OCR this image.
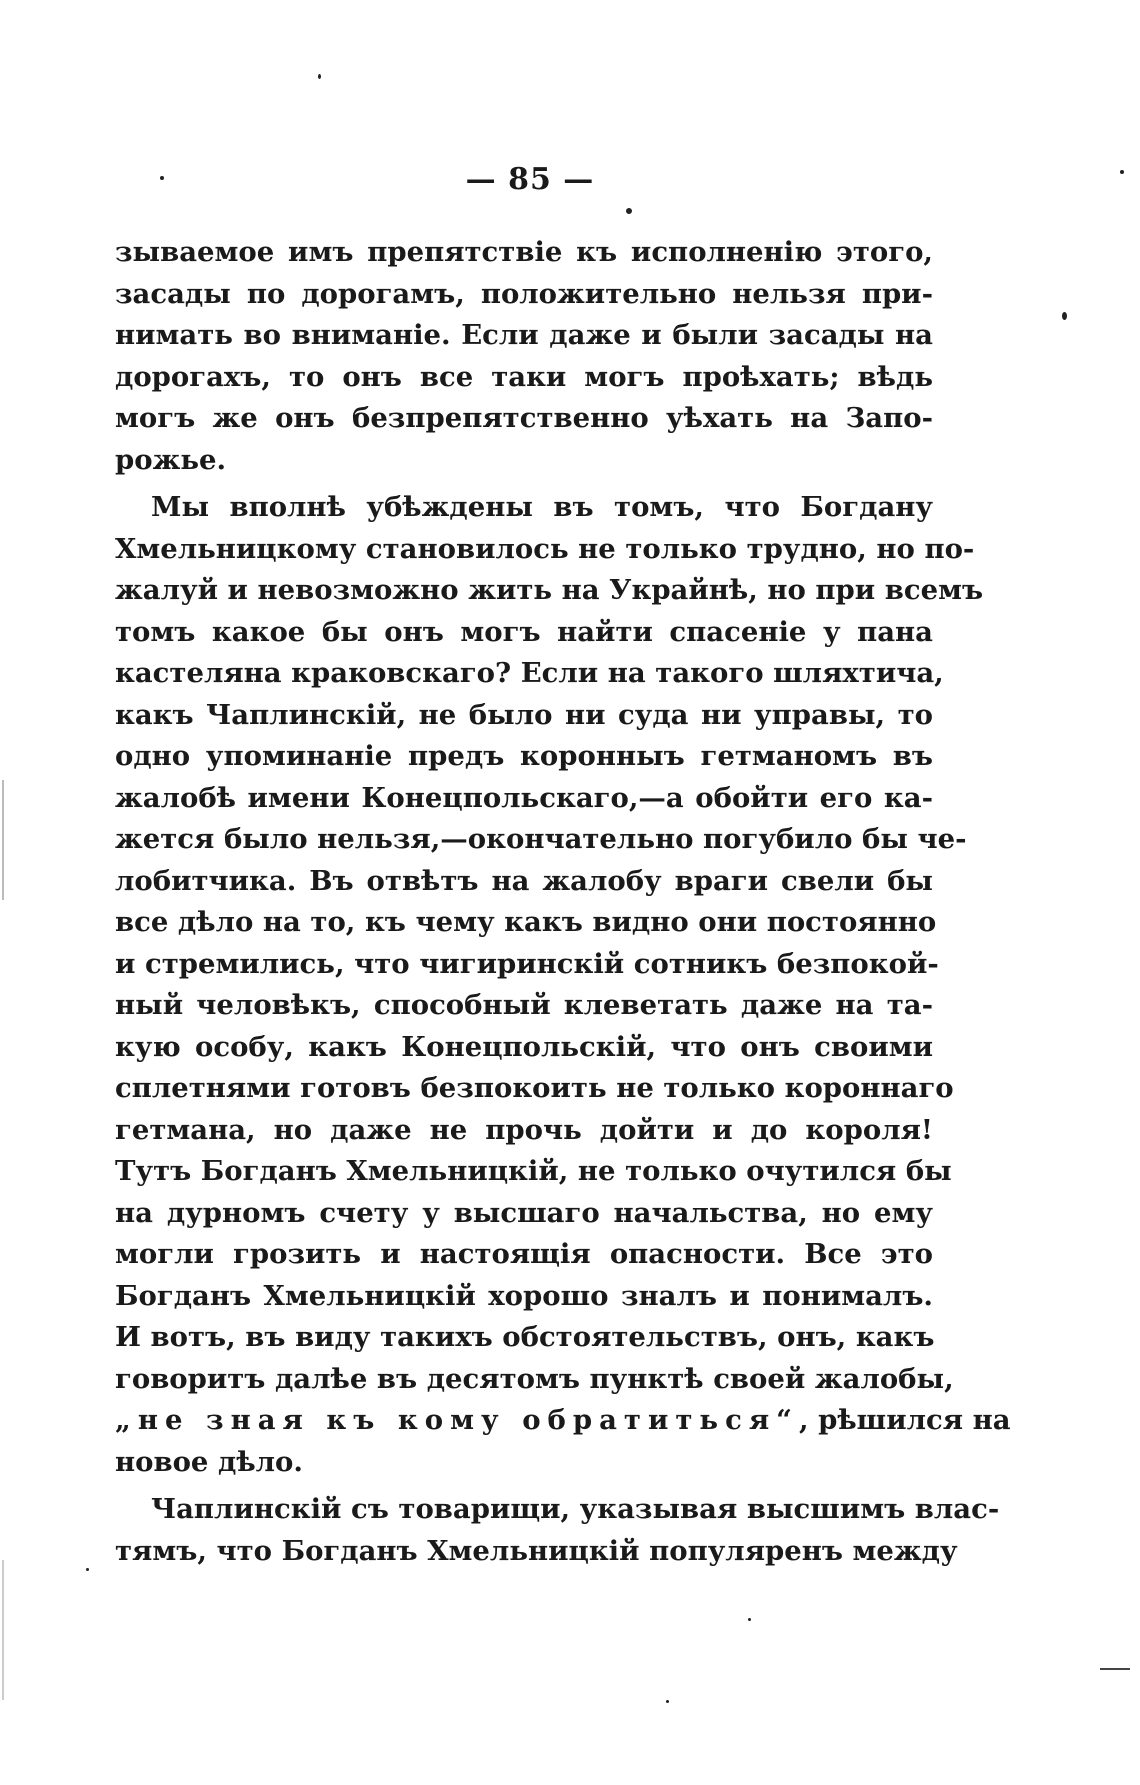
— 85 —
зываемое имъ препятствіе къ исполненію этого,
засады по дорогамъ, положительно нельзя при-
нимать во вниманіе. Если даже и были засады на
дорогахъ, то онъ все таки могъ проѣхать; вѣдь
могъ же онъ безпрепятственно уѣхать на Запо-
рожье.
Мы вполнѣ убѣждены въ томъ, что Богдану
Хмельницкому становилось не только трудно, но по-
жалуй и невозможно жить на Украйнѣ, но при всемъ
томъ какое бы онъ могъ найти спасеніе у пана
кастеляна краковскаго? Если на такого шляхтича,
какъ Чаплинскій, не было ни суда ни управы, то
одно упоминаніе предъ коронныъ гетманомъ въ
жалобѣ имени Конецпольскаго,—а обойти его ка-
жется было нельзя,—окончательно погубило бы че-
лобитчика. Въ отвѣтъ на жалобу враги свели бы
все дѣло на то, къ чему какъ видно они постоянно
и стремились, что чигиринскій сотникъ безпокой-
ный человѣкъ, способный клеветать даже на та-
кую особу, какъ Конецпольскій, что онъ своими
сплетнями готовъ безпокоить не только короннаго
гетмана, но даже не прочь дойти и до короля!
Тутъ Богданъ Хмельницкій, не только очутился бы
на дурномъ счету у высшаго начальства, но ему
могли грозить и настоящія опасности. Все это
Богданъ Хмельницкій хорошо зналъ и понималъ.
И вотъ, въ виду такихъ обстоятельствъ, онъ, какъ
говоритъ далѣе въ десятомъ пунктѣ своей жалобы,
„не зная къ кому обратиться“, рѣшился на
новое дѣло.
Чаплинскій съ товарищи, указывая высшимъ влас-
тямъ, что Богданъ Хмельницкій популяренъ между
